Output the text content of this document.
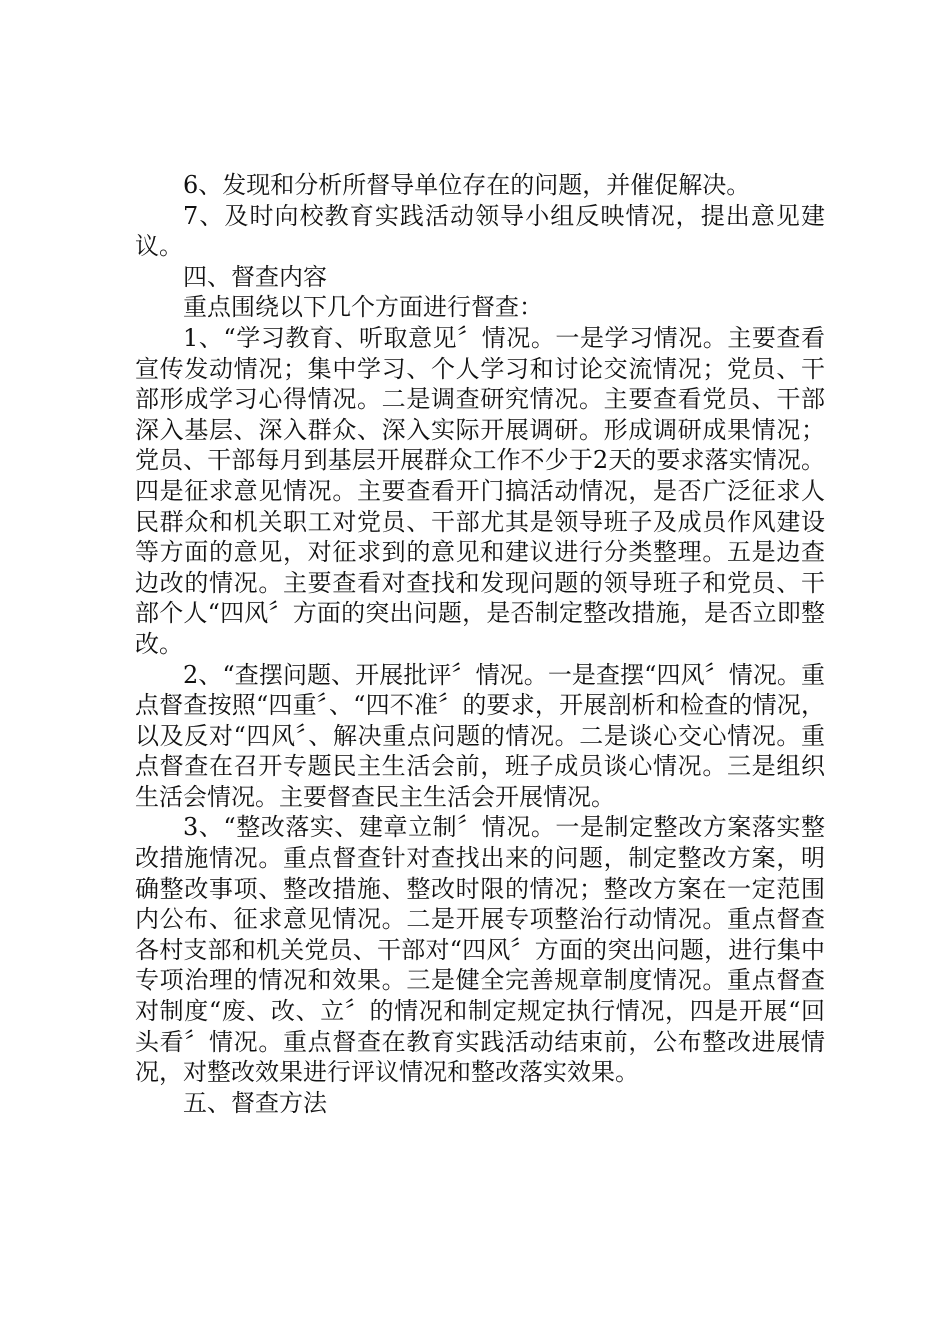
6、发现和分析所督导单位存在的问题，并催促解决。

7、及时向校教育实践活动领导小组反映情况，提出意见建议。

四、督查内容

重点围绕以下几个方面进行督查：

1、“学习教育、听取意见〞情况。一是学习情况。主要查看宣传发动情况；集中学习、个人学习和讨论交流情况；党员、干部形成学习心得情况。二是调查研究情况。主要查看党员、干部深入基层、深入群众、深入实际开展调研。形成调研成果情况；党员、干部每月到基层开展群众工作不少于2天的要求落实情况。四是征求意见情况。主要查看开门搞活动情况，是否广泛征求人民群众和机关职工对党员、干部尤其是领导班子及成员作风建设等方面的意见，对征求到的意见和建议进行分类整理。五是边查边改的情况。主要查看对查找和发现问题的领导班子和党员、干部个人“四风〞方面的突出问题，是否制定整改措施，是否立即整改。

2、“查摆问题、开展批评〞情况。一是查摆“四风〞情况。重点督查按照“四重〞、“四不准〞的要求，开展剖析和检查的情况，以及反对“四风〞、解决重点问题的情况。二是谈心交心情况。重点督查在召开专题民主生活会前，班子成员谈心情况。三是组织生活会情况。主要督查民主生活会开展情况。

3、“整改落实、建章立制〞情况。一是制定整改方案落实整改措施情况。重点督查针对查找出来的问题，制定整改方案，明确整改事项、整改措施、整改时限的情况；整改方案在一定范围内公布、征求意见情况。二是开展专项整治行动情况。重点督查各村支部和机关党员、干部对“四风〞方面的突出问题，进行集中专项治理的情况和效果。三是健全完善规章制度情况。重点督查对制度“废、改、立〞的情况和制定规定执行情况，四是开展“回头看〞情况。重点督查在教育实践活动结束前，公布整改进展情况，对整改效果进行评议情况和整改落实效果。

五、督查方法
